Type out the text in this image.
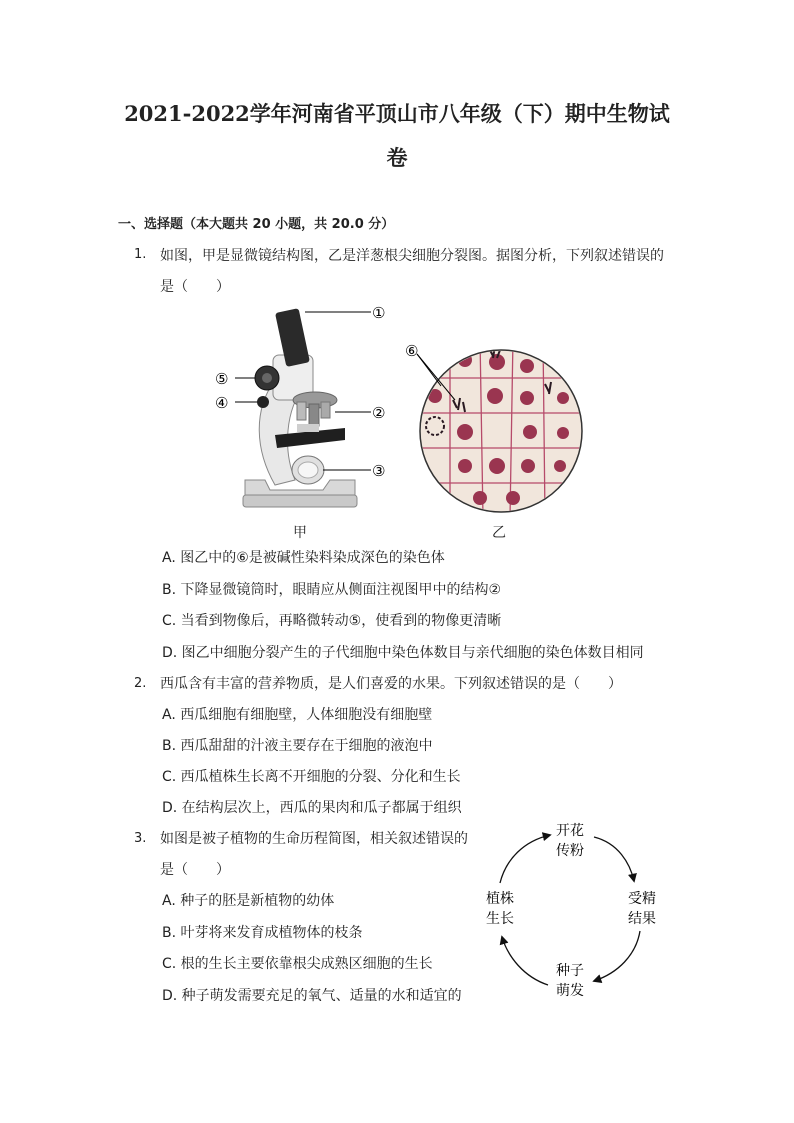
2021-2022学年河南省平顶山市八年级（下）期中生物试
卷
一、选择题（本大题共 20 小题，共 20.0 分）
1. 如图，甲是显微镜结构图，乙是洋葱根尖细胞分裂图。据图分析，下列叙述错误的
是（　　）
①
②
③
④
⑤
甲
⑥
乙
A. 图乙中的⑥是被碱性染料染成深色的染色体
B. 下降显微镜筒时，眼睛应从侧面注视图甲中的结构②
C. 当看到物像后，再略微转动⑤，使看到的物像更清晰
D. 图乙中细胞分裂产生的子代细胞中染色体数目与亲代细胞的染色体数目相同
2. 西瓜含有丰富的营养物质，是人们喜爱的水果。下列叙述错误的是（　　）
A. 西瓜细胞有细胞壁，人体细胞没有细胞壁
B. 西瓜甜甜的汁液主要存在于细胞的液泡中
C. 西瓜植株生长离不开细胞的分裂、分化和生长
D. 在结构层次上，西瓜的果肉和瓜子都属于组织
3. 如图是被子植物的生命历程简图，相关叙述错误的
是（　　）
A. 种子的胚是新植物的幼体
B. 叶芽将来发育成植物体的枝条
C. 根的生长主要依靠根尖成熟区细胞的生长
D. 种子萌发需要充足的氧气、适量的水和适宜的
开花
传粉
受精
结果
种子
萌发
植株
生长
